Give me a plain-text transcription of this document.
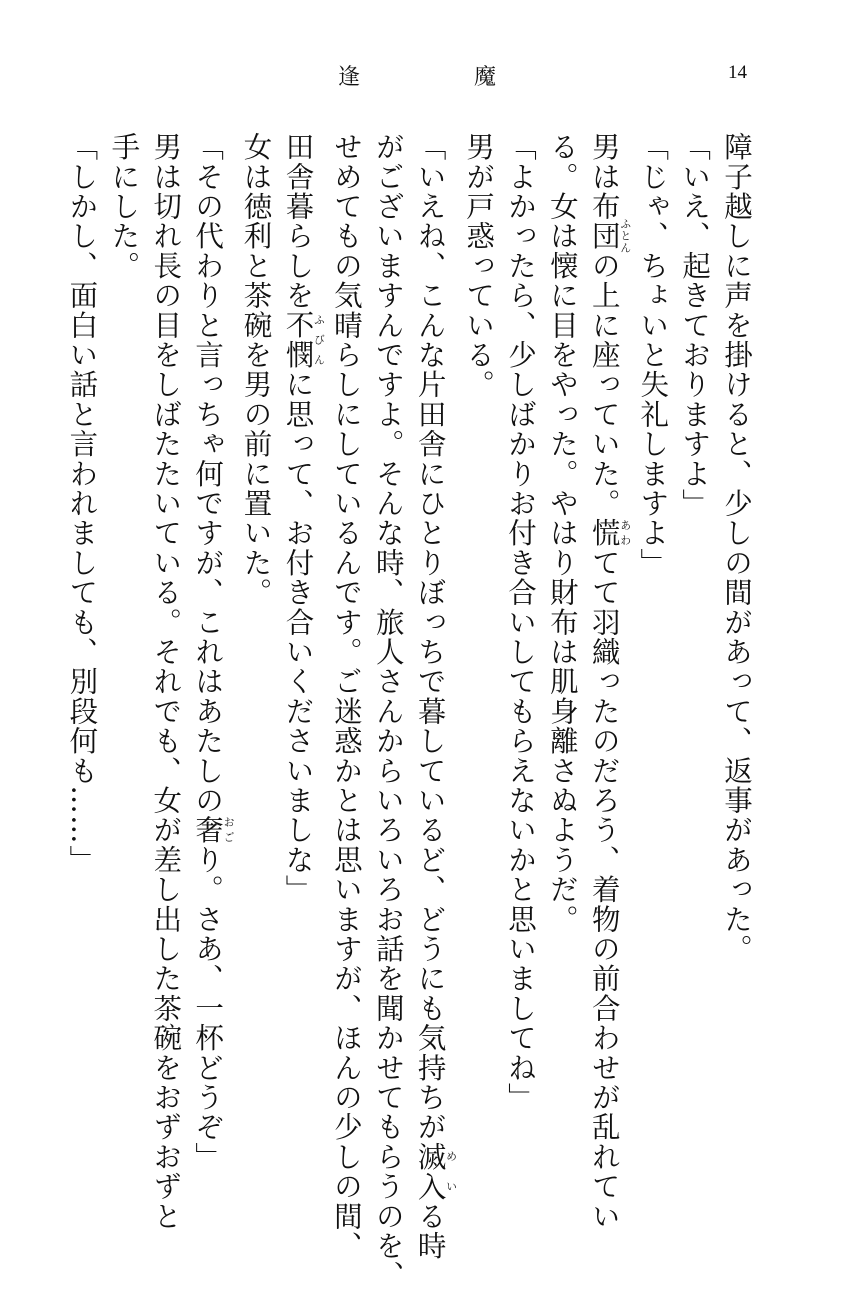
逢	魔	14
障子越しに声を掛けると、少しの間があって、返事があった。
「いえ、起きておりますよ」
「じゃ、ちょいと失礼しますよ」
男は布団ふとんの上に座っていた。慌あわてて羽織ったのだろう、着物の前合わせが乱れてい
る。女は懐に目をやった。やはり財布は肌身離さぬようだ。
「よかったら、少しばかりお付き合いしてもらえないかと思いましてね」
男が戸惑っている。
「いえね、こんな片田舎にひとりぼっちで暮しているど、どうにも気持ちが滅入めいる時
がございますんですよ。そんな時、旅人さんからいろいろお話を聞かせてもらうのを、
せめてもの気晴らしにしているんです。ご迷惑かとは思いますが、ほんの少しの間、
田舎暮らしを不憫ふびんに思って、お付き合いくださいましな」
女は徳利と茶碗を男の前に置いた。
「その代わりと言っちゃ何ですが、これはあたしの奢おごり。さあ、一杯どうぞ」
男は切れ長の目をしばたたいている。それでも、女が差し出した茶碗をおずおずと
手にした。
「しかし、面白い話と言われましても、別段何も……」
